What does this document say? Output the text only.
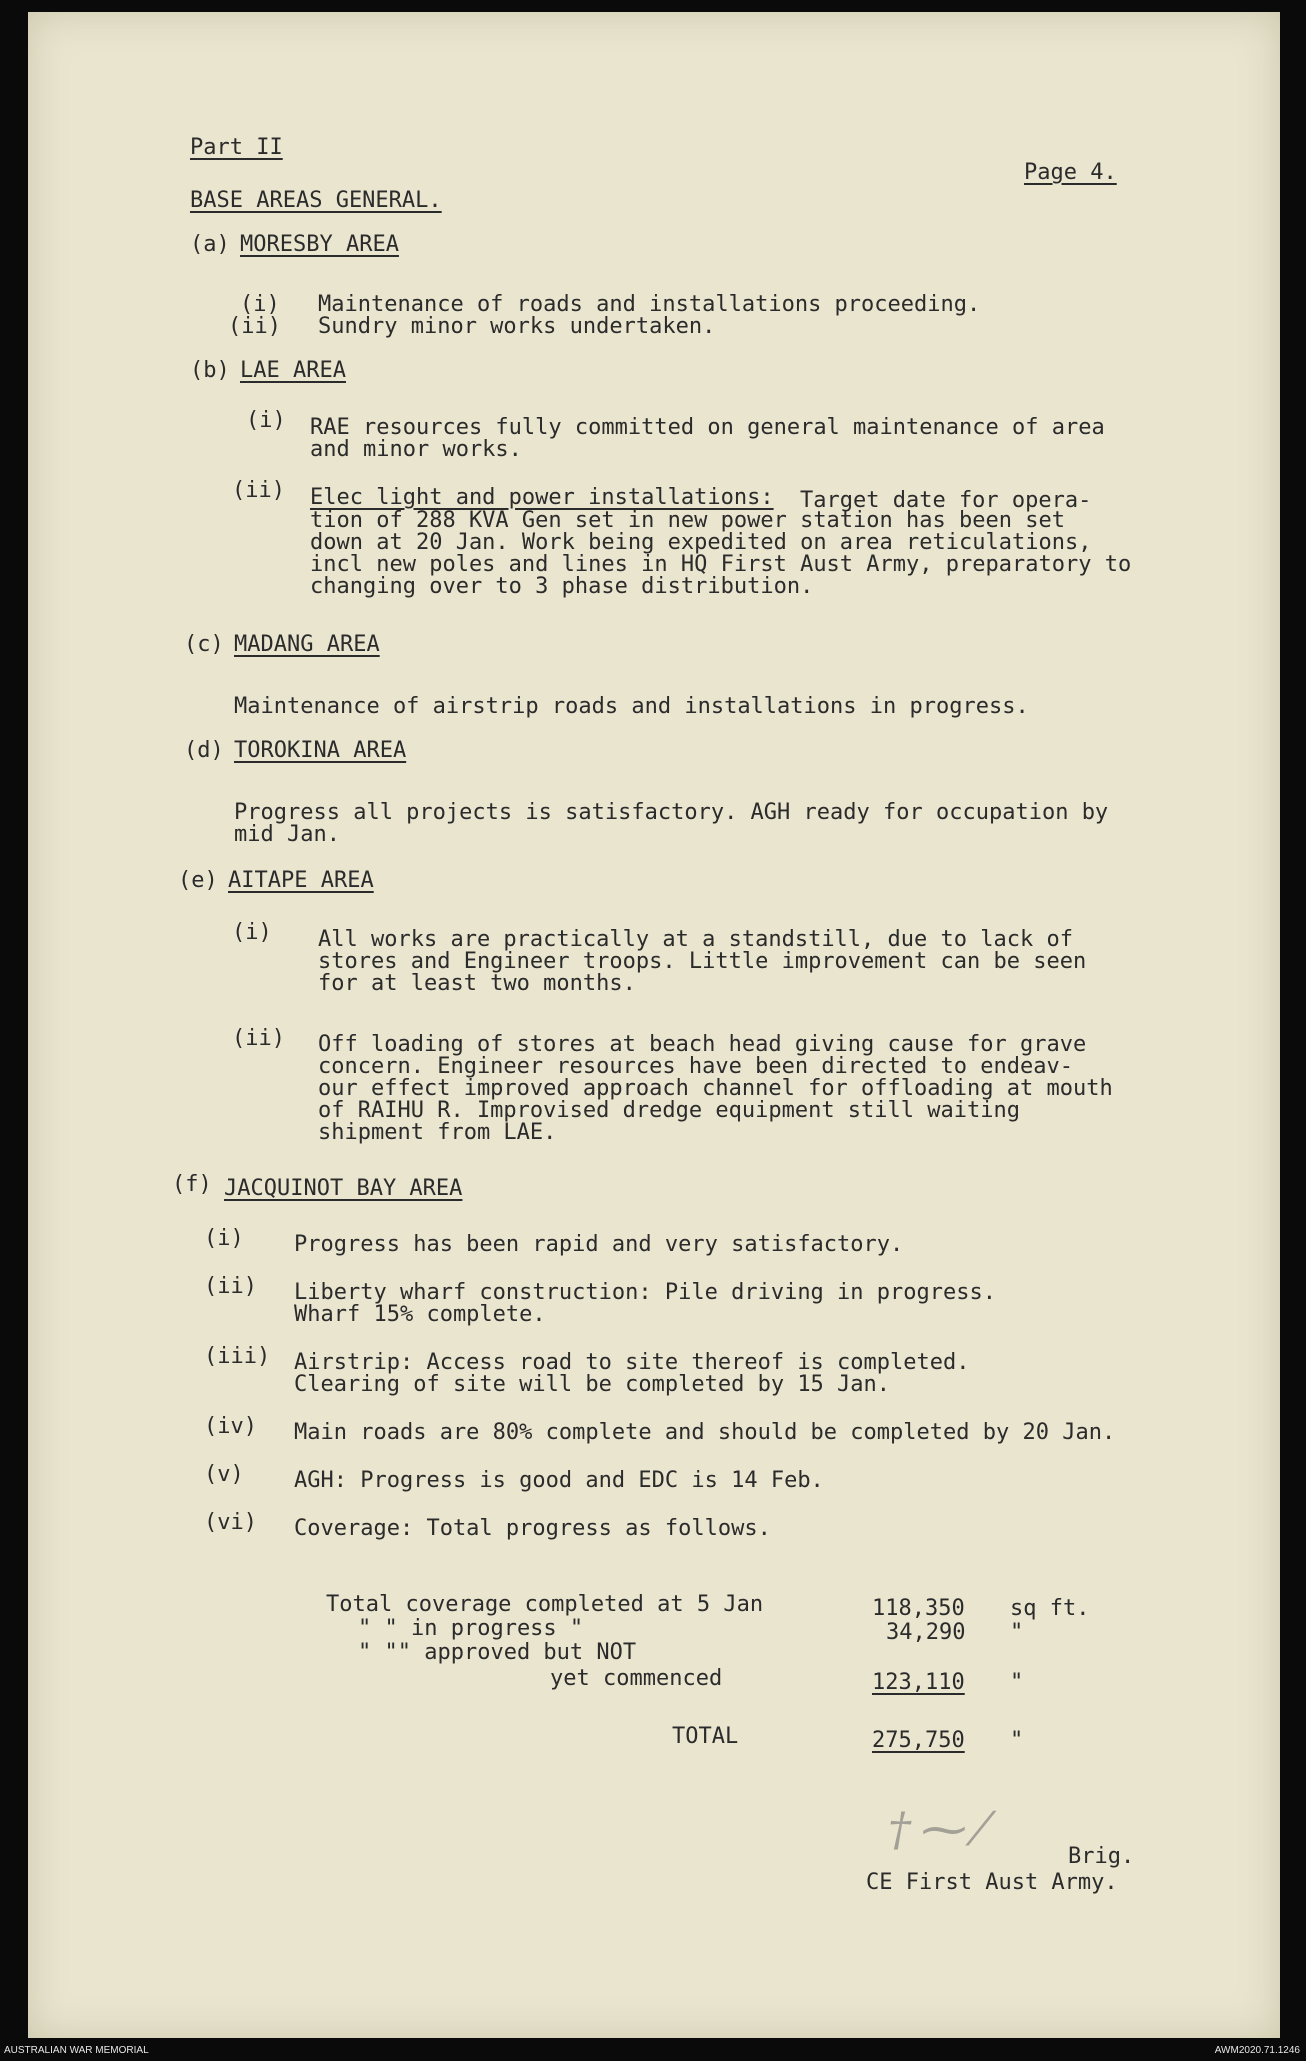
Part II
Page 4.
BASE AREAS GENERAL.
(a) MORESBY AREA
(i) Maintenance of roads and installations proceeding.
(ii) Sundry minor works undertaken.
(b) LAE AREA
(i) RAE resources fully committed on general maintenance of area
and minor works.
(ii) Elec light and power installations: Target date for opera-
tion of 288 KVA Gen set in new power station has been set
down at 20 Jan. Work being expedited on area reticulations,
incl new poles and lines in HQ First Aust Army, preparatory to
changing over to 3 phase distribution.
(c) MADANG AREA
Maintenance of airstrip roads and installations in progress.
(d) TOROKINA AREA
Progress all projects is satisfactory. AGH ready for occupation by
mid Jan.
(e) AITAPE AREA
(i) All works are practically at a standstill, due to lack of
stores and Engineer troops. Little improvement can be seen
for at least two months.
(ii) Off loading of stores at beach head giving cause for grave
concern. Engineer resources have been directed to endeav-
our effect improved approach channel for offloading at mouth
of RAIHU R. Improvised dredge equipment still waiting
shipment from LAE.
(f) JACQUINOT BAY AREA
(i) Progress has been rapid and very satisfactory.
(ii) Liberty wharf construction: Pile driving in progress.
Wharf 15% complete.
(iii) Airstrip: Access road to site thereof is completed.
Clearing of site will be completed by 15 Jan.
(iv) Main roads are 80% complete and should be completed by 20 Jan.
(v) AGH: Progress is good and EDC is 14 Feb.
(vi) Coverage: Total progress as follows.
Total coverage completed at 5 Jan	118,350 sq ft.
" " in progress "	34,290 "
" "" approved but NOT
yet commenced	123,110 "
TOTAL	275,750 "
†⁓⁄
Brig.
CE First Aust Army.
AUSTRALIAN WAR MEMORIAL	AWM2020.71.1246
